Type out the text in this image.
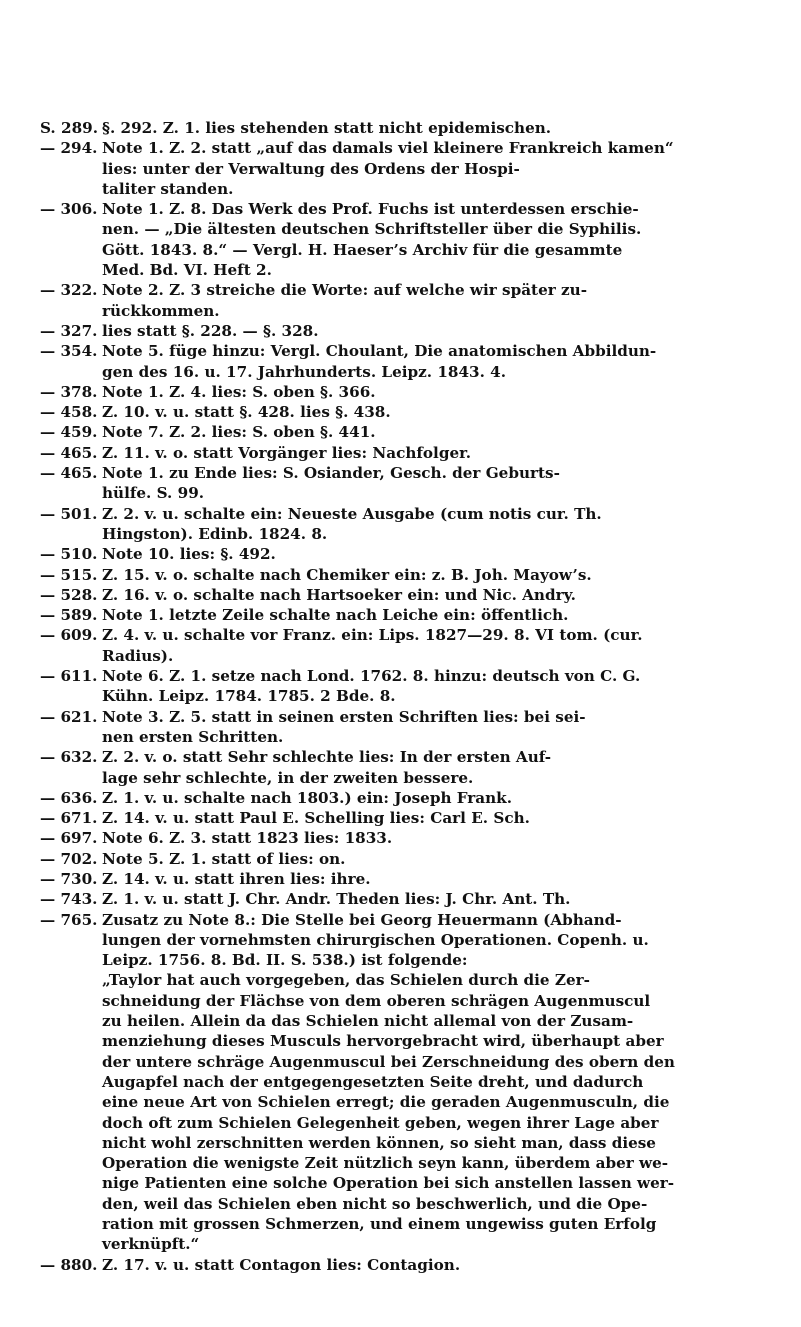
S. 289. §. 292. Z. 1. lies stehenden statt nicht epidemischen.
— 294. Note 1. Z. 2. statt „auf das damals viel kleinere Frankreich kamen“
lies: unter der Verwaltung des Ordens der Hospi-
taliter standen.
— 306. Note 1. Z. 8. Das Werk des Prof. Fuchs ist unterdessen erschie-
nen. — „Die ältesten deutschen Schriftsteller über die Syphilis.
Gött. 1843. 8.“ — Vergl. H. Haeser’s Archiv für die gesammte
Med. Bd. VI. Heft 2.
— 322. Note 2. Z. 3 streiche die Worte: auf welche wir später zu-
rückkommen.
— 327. lies statt §. 228. — §. 328.
— 354. Note 5. füge hinzu: Vergl. Choulant, Die anatomischen Abbildun-
gen des 16. u. 17. Jahrhunderts. Leipz. 1843. 4.
— 378. Note 1. Z. 4. lies: S. oben §. 366.
— 458. Z. 10. v. u. statt §. 428. lies §. 438.
— 459. Note 7. Z. 2. lies: S. oben §. 441.
— 465. Z. 11. v. o. statt Vorgänger lies: Nachfolger.
— 465. Note 1. zu Ende lies: S. Osiander, Gesch. der Geburts-
hülfe. S. 99.
— 501. Z. 2. v. u. schalte ein: Neueste Ausgabe (cum notis cur. Th.
Hingston). Edinb. 1824. 8.
— 510. Note 10. lies: §. 492.
— 515. Z. 15. v. o. schalte nach Chemiker ein: z. B. Joh. Mayow’s.
— 528. Z. 16. v. o. schalte nach Hartsoeker ein: und Nic. Andry.
— 589. Note 1. letzte Zeile schalte nach Leiche ein: öffentlich.
— 609. Z. 4. v. u. schalte vor Franz. ein: Lips. 1827—29. 8. VI tom. (cur.
Radius).
— 611. Note 6. Z. 1. setze nach Lond. 1762. 8. hinzu: deutsch von C. G.
Kühn. Leipz. 1784. 1785. 2 Bde. 8.
— 621. Note 3. Z. 5. statt in seinen ersten Schriften lies: bei sei-
nen ersten Schritten.
— 632. Z. 2. v. o. statt Sehr schlechte lies: In der ersten Auf-
lage sehr schlechte, in der zweiten bessere.
— 636. Z. 1. v. u. schalte nach 1803.) ein: Joseph Frank.
— 671. Z. 14. v. u. statt Paul E. Schelling lies: Carl E. Sch.
— 697. Note 6. Z. 3. statt 1823 lies: 1833.
— 702. Note 5. Z. 1. statt of lies: on.
— 730. Z. 14. v. u. statt ihren lies: ihre.
— 743. Z. 1. v. u. statt J. Chr. Andr. Theden lies: J. Chr. Ant. Th.
— 765. Zusatz zu Note 8.: Die Stelle bei Georg Heuermann (Abhand-
lungen der vornehmsten chirurgischen Operationen. Copenh. u.
Leipz. 1756. 8. Bd. II. S. 538.) ist folgende:
„Taylor hat auch vorgegeben, das Schielen durch die Zer-
schneidung der Flächse von dem oberen schrägen Augenmuscul
zu heilen. Allein da das Schielen nicht allemal von der Zusam-
menziehung dieses Musculs hervorgebracht wird, überhaupt aber
der untere schräge Augenmuscul bei Zerschneidung des obern den
Augapfel nach der entgegengesetzten Seite dreht, und dadurch
eine neue Art von Schielen erregt; die geraden Augenmusculn, die
doch oft zum Schielen Gelegenheit geben, wegen ihrer Lage aber
nicht wohl zerschnitten werden können, so sieht man, dass diese
Operation die wenigste Zeit nützlich seyn kann, überdem aber we-
nige Patienten eine solche Operation bei sich anstellen lassen wer-
den, weil das Schielen eben nicht so beschwerlich, und die Ope-
ration mit grossen Schmerzen, und einem ungewiss guten Erfolg
verknüpft.“
— 880. Z. 17. v. u. statt Contagon lies: Contagion.
